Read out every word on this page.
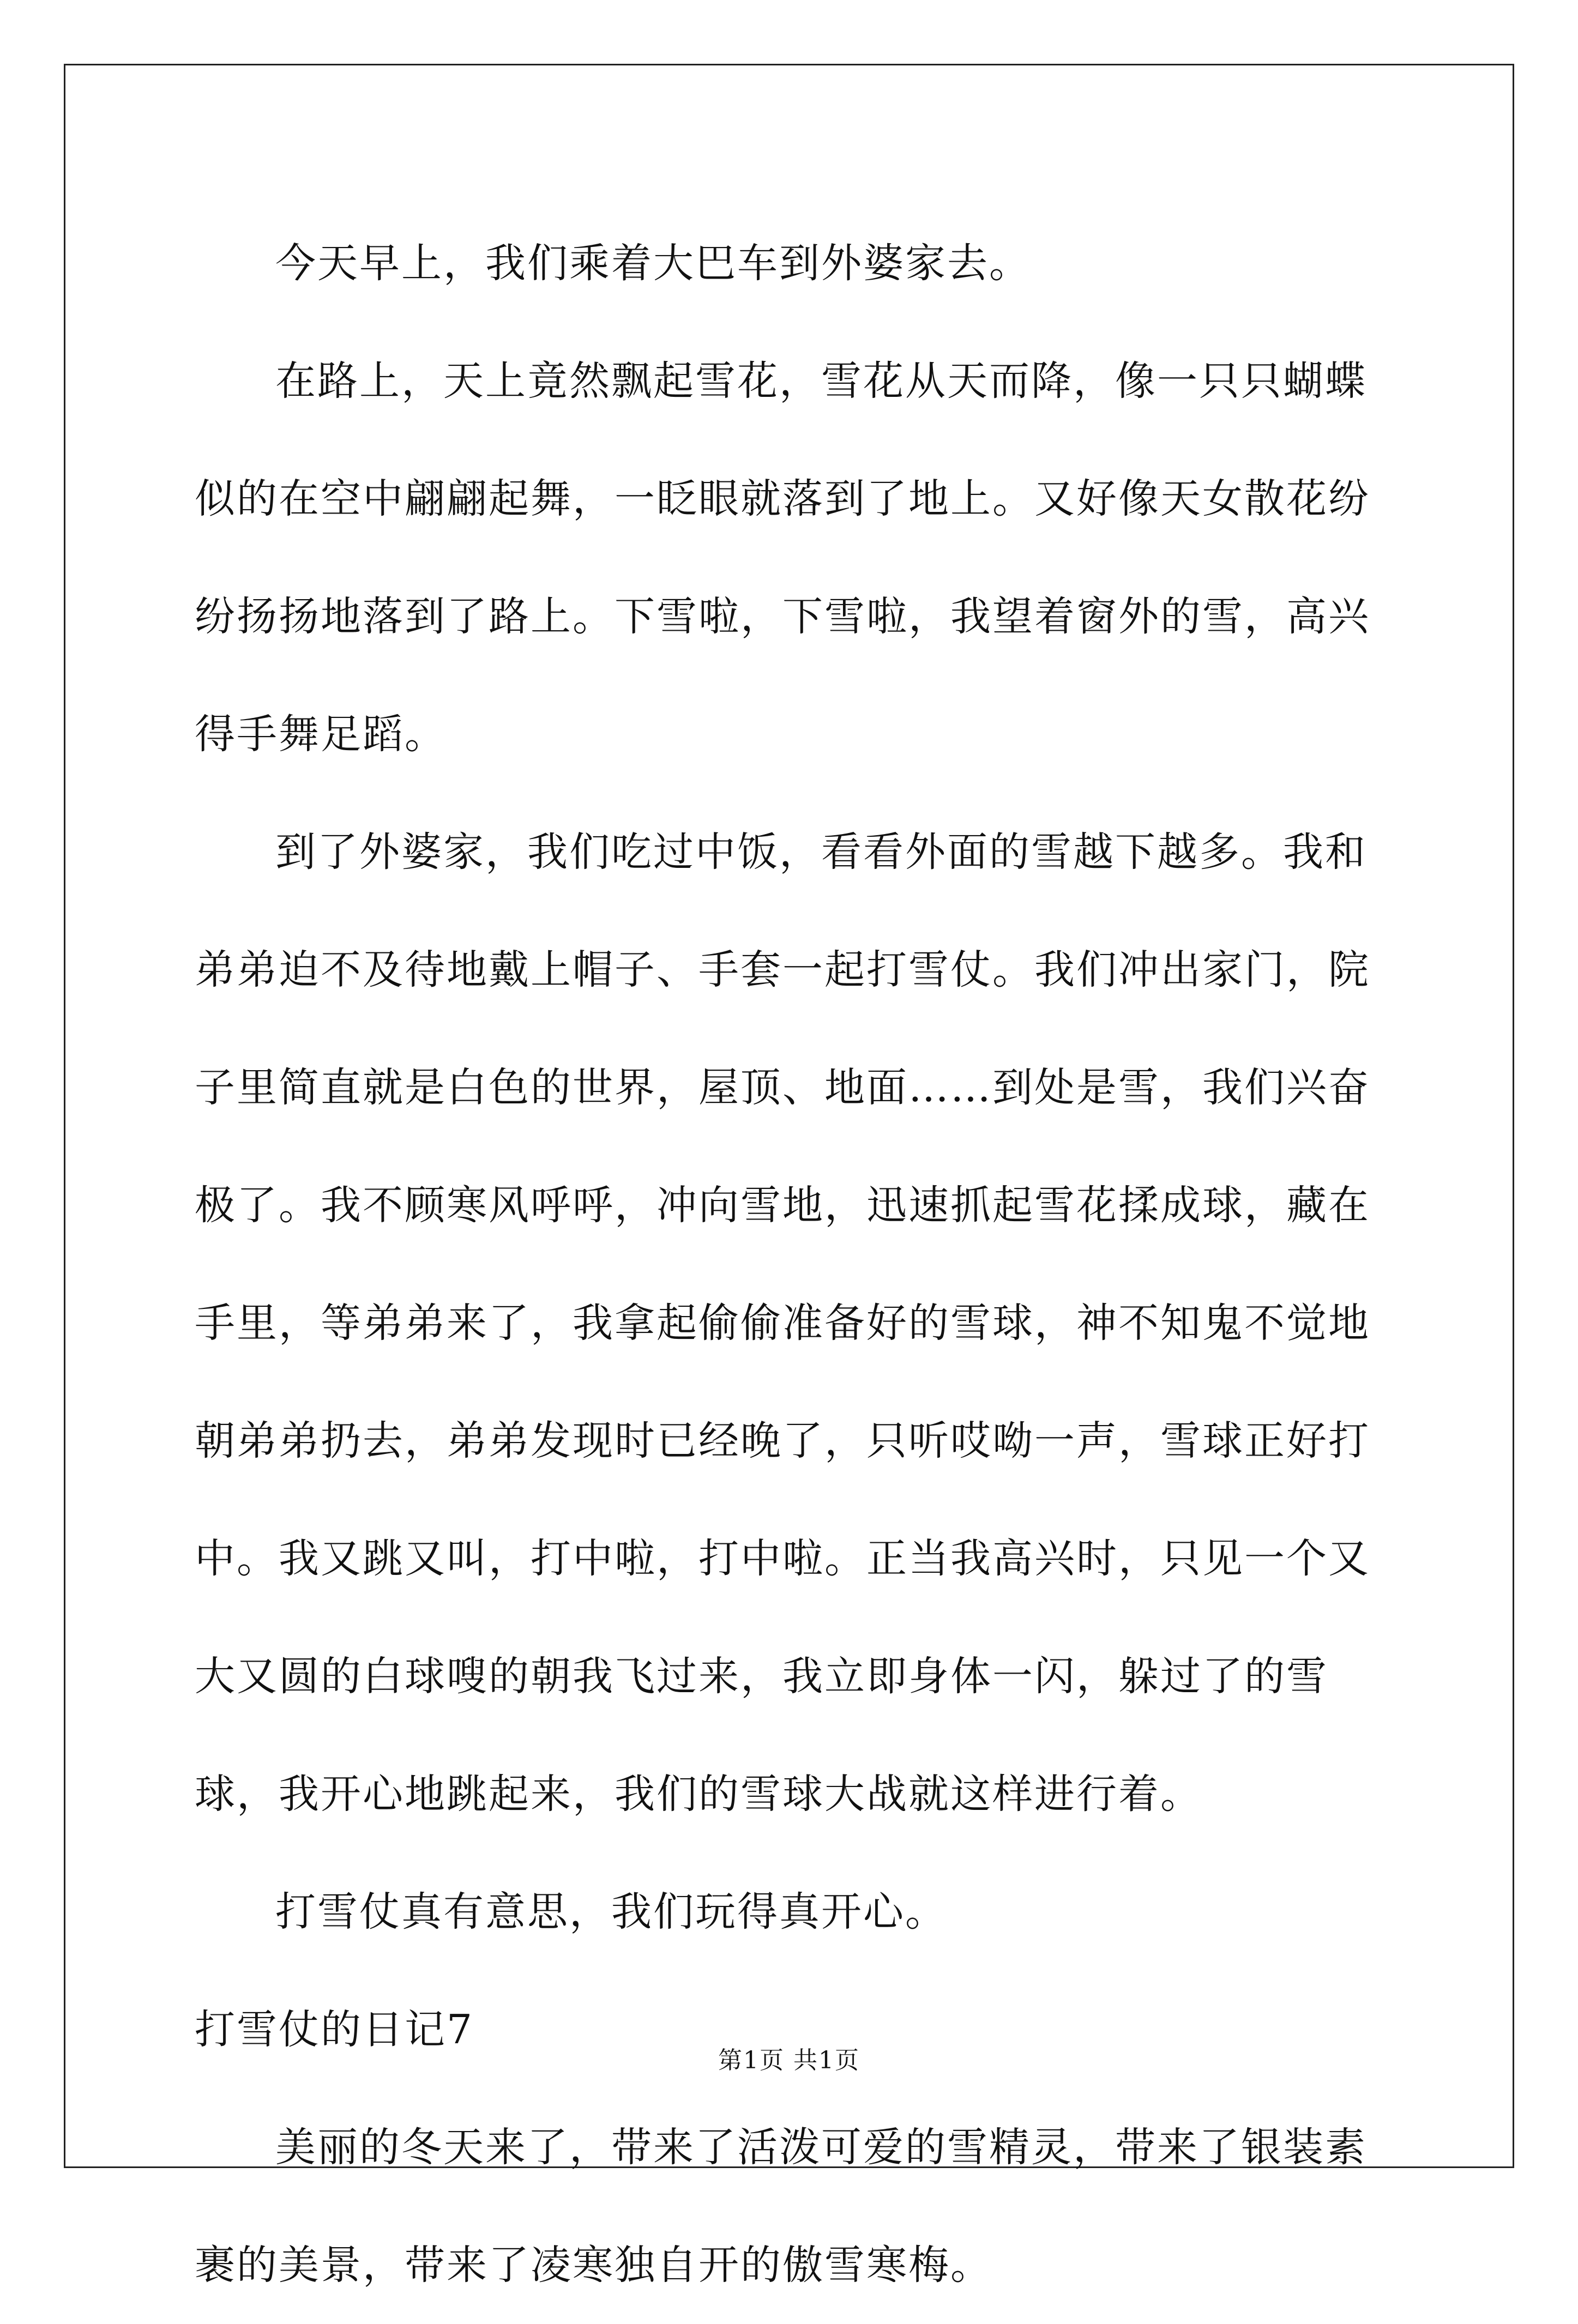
今天早上，我们乘着大巴车到外婆家去。

在路上，天上竟然飘起雪花，雪花从天而降，像一只只蝴蝶似的在空中翩翩起舞，一眨眼就落到了地上。又好像天女散花纷纷扬扬地落到了路上。下雪啦，下雪啦，我望着窗外的雪，高兴得手舞足蹈。

到了外婆家，我们吃过中饭，看看外面的雪越下越多。我和弟弟迫不及待地戴上帽子、手套一起打雪仗。我们冲出家门，院子里简直就是白色的世界，屋顶、地面……到处是雪，我们兴奋极了。我不顾寒风呼呼，冲向雪地，迅速抓起雪花揉成球，藏在手里，等弟弟来了，我拿起偷偷准备好的雪球，神不知鬼不觉地朝弟弟扔去，弟弟发现时已经晚了，只听哎呦一声，雪球正好打中。我又跳又叫，打中啦，打中啦。正当我高兴时，只见一个又大又圆的白球嗖的朝我飞过来，我立即身体一闪，躲过了的雪球，我开心地跳起来，我们的雪球大战就这样进行着。

打雪仗真有意思，我们玩得真开心。

打雪仗的日记7

美丽的冬天来了，带来了活泼可爱的雪精灵，带来了银装素裹的美景，带来了凌寒独自开的傲雪寒梅。

第1页 共1页
